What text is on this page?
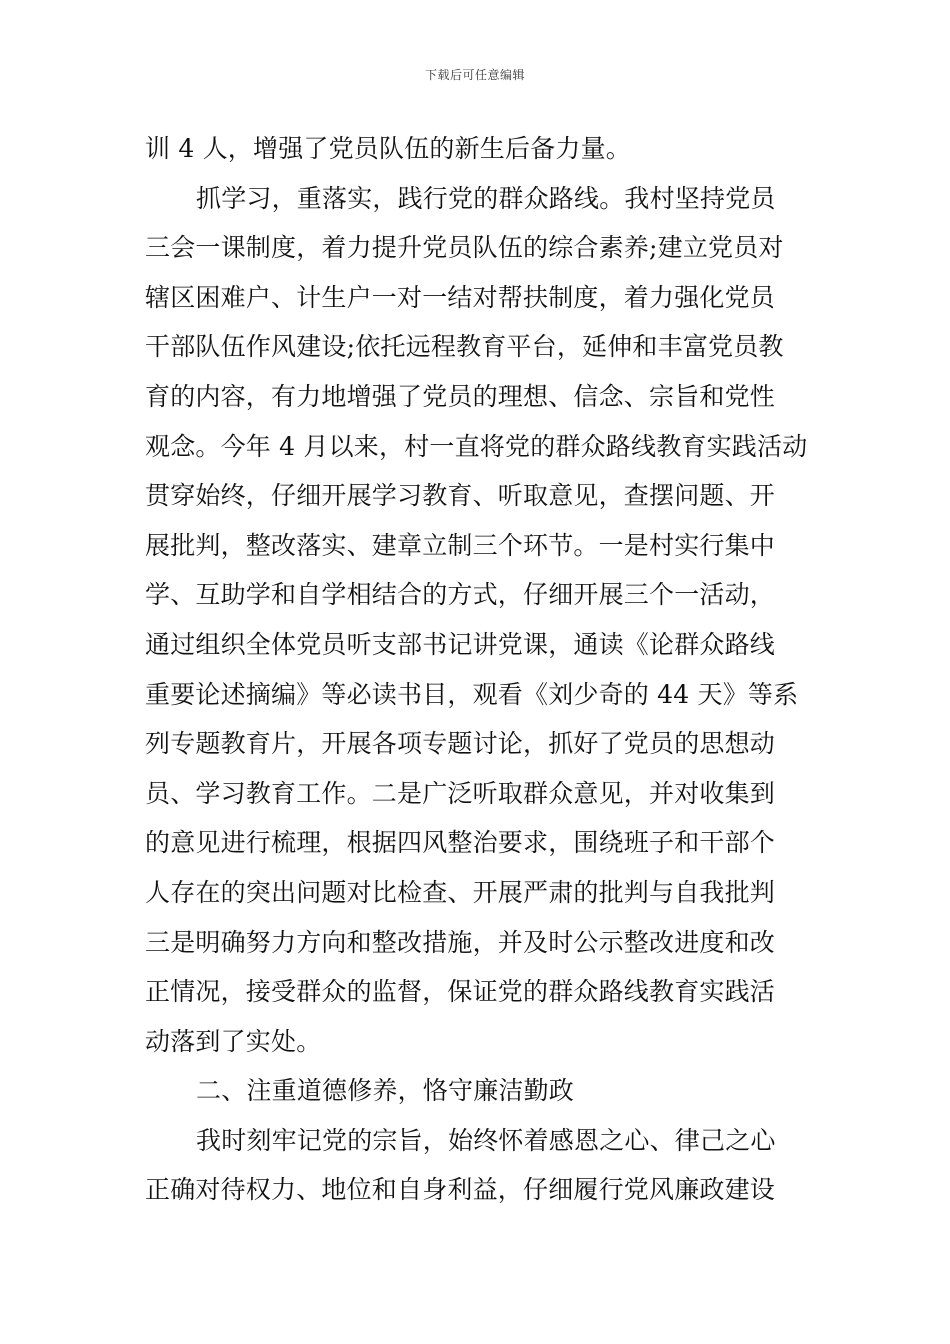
下载后可任意编辑
训 4 人，增强了党员队伍的新生后备力量。
抓学习，重落实，践行党的群众路线。我村坚持党员
三会一课制度，着力提升党员队伍的综合素养;建立党员对
辖区困难户、计生户一对一结对帮扶制度，着力强化党员
干部队伍作风建设;依托远程教育平台，延伸和丰富党员教
育的内容，有力地增强了党员的理想、信念、宗旨和党性
观念。今年 4 月以来，村一直将党的群众路线教育实践活动
贯穿始终，仔细开展学习教育、听取意见，查摆问题、开
展批判，整改落实、建章立制三个环节。一是村实行集中
学、互助学和自学相结合的方式，仔细开展三个一活动，
通过组织全体党员听支部书记讲党课，通读《论群众路线
重要论述摘编》等必读书目，观看《刘少奇的 44 天》等系
列专题教育片，开展各项专题讨论，抓好了党员的思想动
员、学习教育工作。二是广泛听取群众意见，并对收集到
的意见进行梳理，根据四风整治要求，围绕班子和干部个
人存在的突出问题对比检查、开展严肃的批判与自我批判
三是明确努力方向和整改措施，并及时公示整改进度和改
正情况，接受群众的监督，保证党的群众路线教育实践活
动落到了实处。
二、注重道德修养，恪守廉洁勤政
我时刻牢记党的宗旨，始终怀着感恩之心、律己之心
正确对待权力、地位和自身利益，仔细履行党风廉政建设
